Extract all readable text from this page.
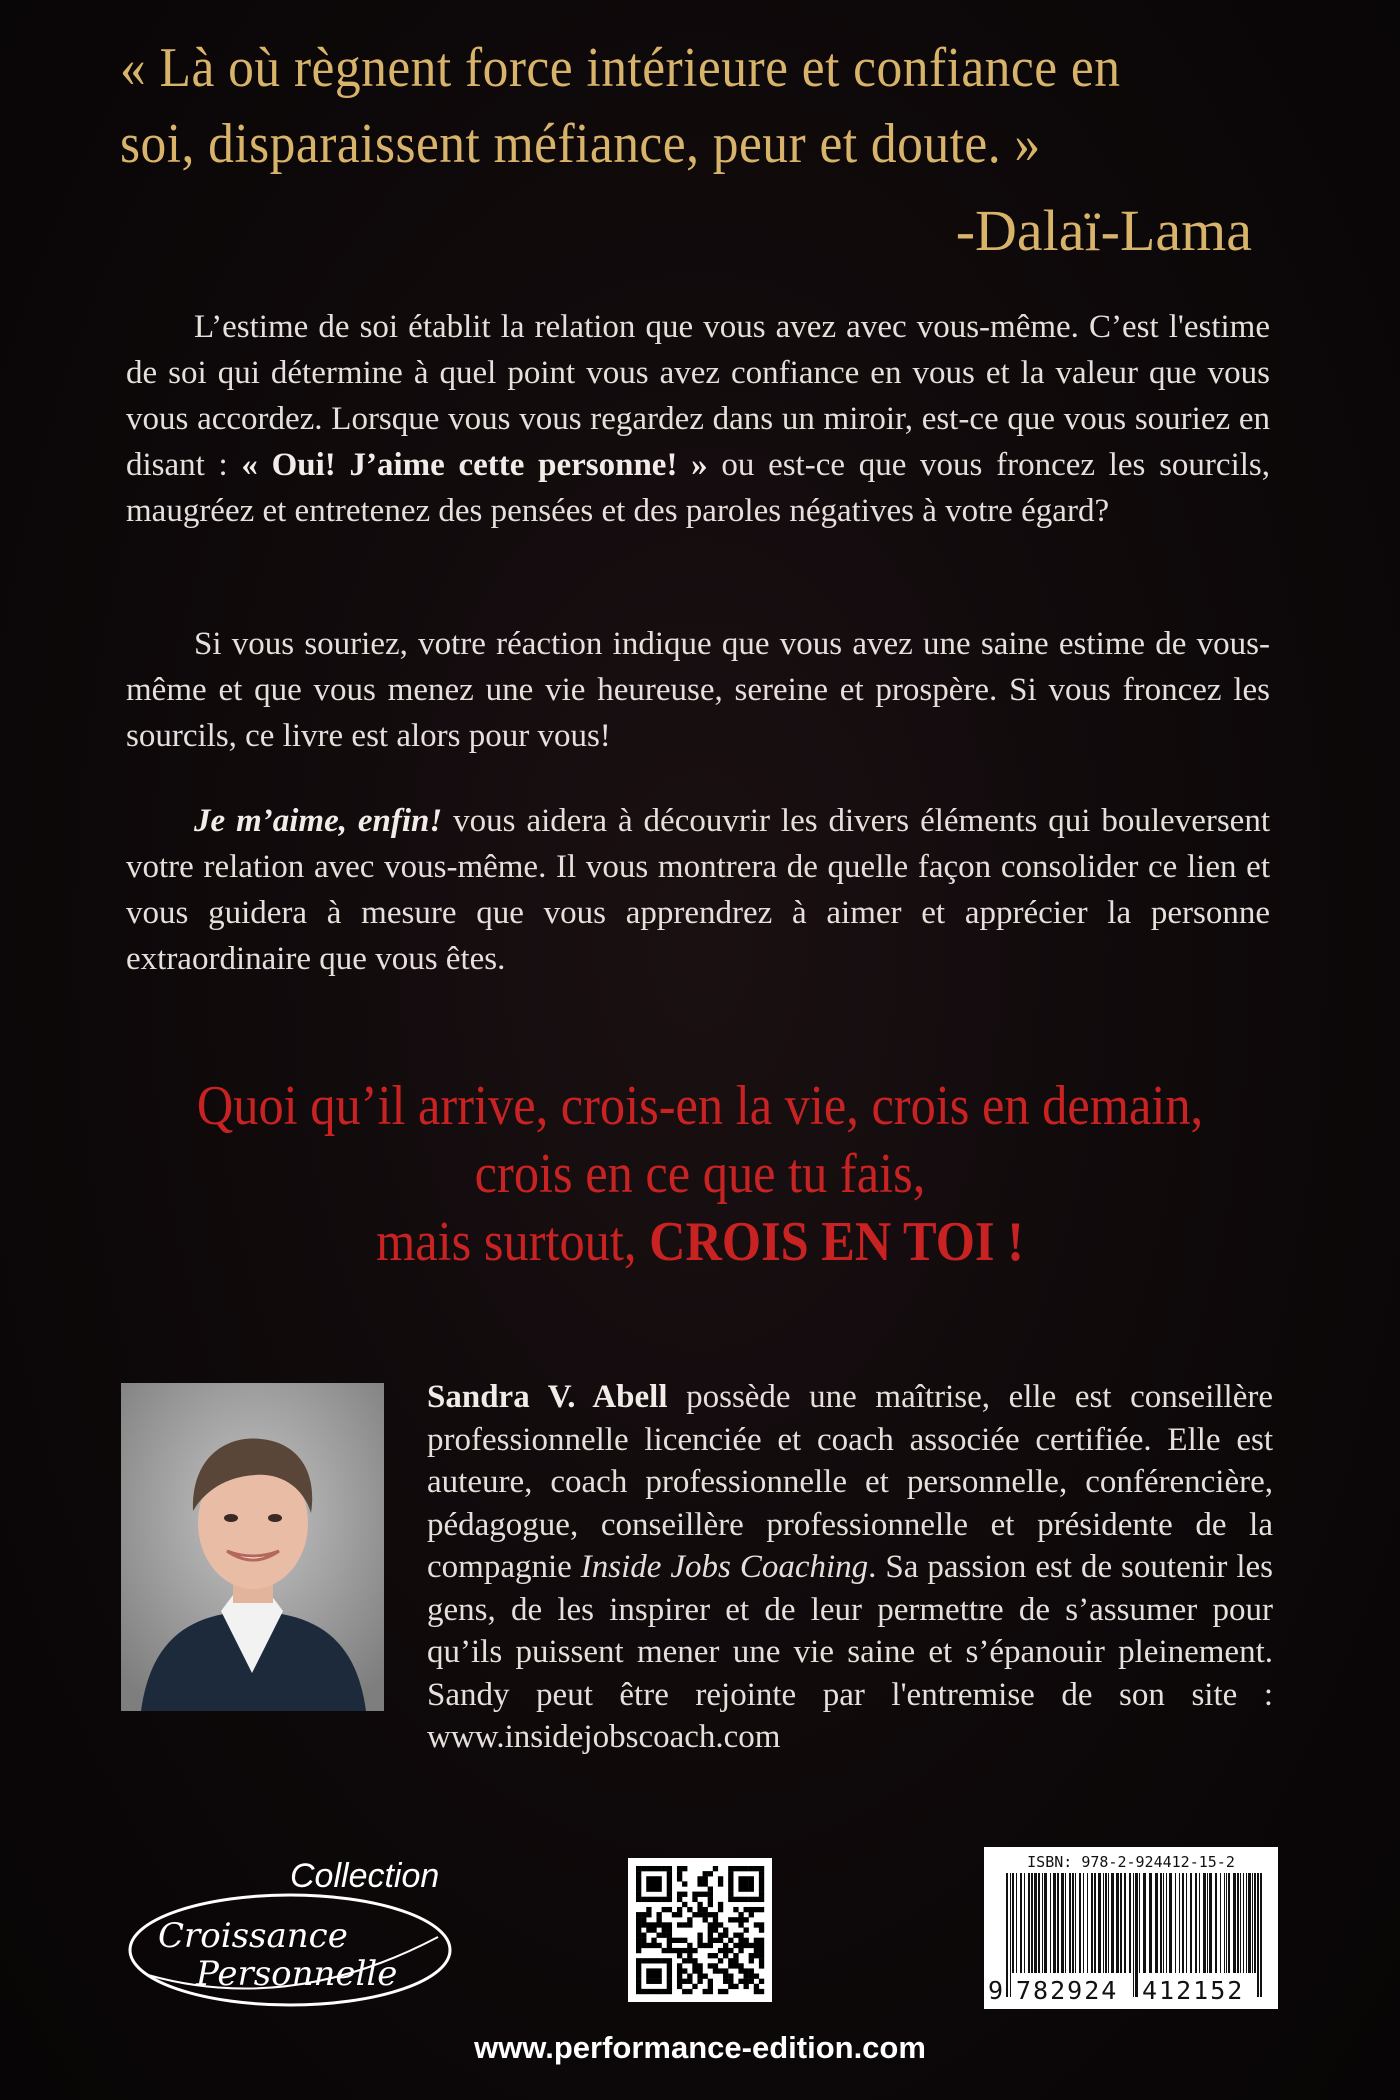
« Là où règnent force intérieure et confiance en
soi, disparaissent méfiance, peur et doute. »
-Dalaï-Lama
L’estime de soi établit la relation que vous avez avec vous-même. C’est l'estime de soi qui détermine à quel point vous avez confiance en vous et la valeur que vous vous accordez. Lorsque vous vous regardez dans un miroir, est-ce que vous souriez en disant : « Oui! J’aime cette personne! » ou est-ce que vous froncez les sourcils, maugréez et entretenez des pensées et des paroles négatives à votre égard?
Si vous souriez, votre réaction indique que vous avez une saine estime de vous-même et que vous menez une vie heureuse, sereine et prospère. Si vous froncez les sourcils, ce livre est alors pour vous!
Je m’aime, enfin! vous aidera à découvrir les divers éléments qui bouleversent votre relation avec vous-même. Il vous montrera de quelle façon consolider ce lien et vous guidera à mesure que vous apprendrez à aimer et apprécier la personne extraordinaire que vous êtes.
Quoi qu’il arrive, crois-en la vie, crois en demain,
crois en ce que tu fais,
mais surtout, CROIS EN TOI !
Sandra V. Abell possède une maîtrise, elle est conseillère professionnelle licenciée et coach associée certifiée. Elle est auteure, coach professionnelle et personnelle, conférencière, pédagogue, conseillère professionnelle et présidente de la compagnie Inside Jobs Coaching. Sa passion est de soutenir les gens, de les inspirer et de leur permettre de s’assumer pour qu’ils puissent mener une vie saine et s’épanouir pleinement. Sandy peut être rejointe par l'entremise de son site : www.insidejobscoach.com
Collection
Croissance
Personnelle
ISBN: 978-2-924412-15-2
9 782924 412152
www.performance-edition.com
